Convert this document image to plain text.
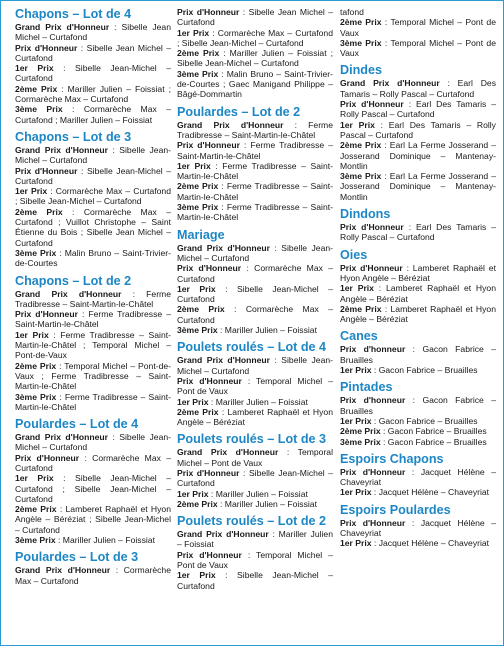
Chapons – Lot de 4

Grand Prix d'Honneur : Sibelle Jean Michel – Curtafond

Prix d'Honneur : Sibelle Jean Michel – Curtafond

1er Prix : Sibelle Jean-Michel – Curtafond

2ème Prix : Mariller Julien – Foissiat ; Cormarèche Max – Curtafond

3ème Prix : Cormarèche Max – Curtafond ; Mariller Julien – Foissiat

Chapons – Lot de 3

Grand Prix d'Honneur : Sibelle Jean-Michel – Curtafond

Prix d'Honneur : Sibelle Jean-Michel – Curtafond

1er Prix : Cormarèche Max – Curtafond ; Sibelle Jean-Michel – Curtafond

2ème Prix : Cormarèche Max – Curtafond ; Vuillot Christophe – Saint Étienne du Bois ; Sibelle Jean Michel – Curtafond

3ème Prix : Malin Bruno – Saint-Trivier-de-Courtes

Chapons – Lot de 2

Grand Prix d'Honneur : Ferme Tradibresse – Saint-Martin-le-Châtel

Prix d'Honneur : Ferme Tradibresse – Saint-Martin-le-Châtel

1er Prix : Ferme Tradibresse – Saint-Martin-le-Châtel ; Temporal Michel – Pont-de-Vaux

2ème Prix : Temporal Michel – Pont-de-Vaux ; Ferme Tradibresse – Saint-Martin-le-Châtel

3ème Prix : Ferme Tradibresse – Saint-Martin-le-Châtel

Poulardes – Lot de 4

Grand Prix d'Honneur : Sibelle Jean-Michel – Curtafond

Prix d'Honneur : Cormarèche Max – Curtafond

1er Prix : Sibelle Jean-Michel – Curtafond ; Sibelle Jean-Michel – Curtafond

2ème Prix : Lamberet Raphaël et Hyon Angèle – Béréziat ; Sibelle Jean-Michel – Curtafond

3ème Prix : Mariller Julien – Foissiat

Poulardes – Lot de 3

Grand Prix d'Honneur : Cormarèche Max – Curtafond

Prix d'Honneur : Sibelle Jean Michel – Curtafond

1er Prix : Cormarèche Max – Curtafond ; Sibelle Jean-Michel – Curtafond

2ème Prix : Mariller Julien – Foissiat ; Sibelle Jean-Michel – Curtafond

3ème Prix : Malin Bruno – Saint-Trivier-de-Courtes ; Gaec Manigand Philippe – Bâgé-Dommartin

Poulardes – Lot de 2

Grand Prix d'Honneur : Ferme Tradibresse – Saint-Martin-le-Châtel

Prix d'Honneur : Ferme Tradibresse – Saint-Martin-le-Châtel

1er Prix : Ferme Tradibresse – Saint-Martin-le-Châtel

2ème Prix : Ferme Tradibresse – Saint-Martin-le-Châtel

3ème Prix : Ferme Tradibresse – Saint-Martin-le-Châtel

Mariage

Grand Prix d'Honneur : Sibelle Jean-Michel – Curtafond

Prix d'Honneur : Cormarèche Max – Curtafond

1er Prix : Sibelle Jean-Michel – Curtafond

2ème Prix : Cormarèche Max – Curtafond

3ème Prix : Mariller Julien – Foissiat

Poulets roulés – Lot de 4

Grand Prix d'Honneur : Sibelle Jean-Michel – Curtafond

Prix d'Honneur : Temporal Michel – Pont de Vaux

1er Prix : Mariller Julien – Foissiat

2ème Prix : Lamberet Raphaël et Hyon Angèle – Béréziat

Poulets roulés – Lot de 3

Grand Prix d'Honneur : Temporal Michel – Pont de Vaux

Prix d'Honneur : Sibelle Jean-Michel – Curtafond

1er Prix : Mariller Julien – Foissiat

2ème Prix : Mariller Julien – Foissiat

Poulets roulés – Lot de 2

Grand Prix d'Honneur : Mariller Julien – Foissiat

Prix d'Honneur : Temporal Michel – Pont de Vaux

1er Prix : Sibelle Jean-Michel – Curtafond

tafond

2ème Prix : Temporal Michel – Pont de Vaux

3ème Prix : Temporal Michel – Pont de Vaux

Dindes

Grand Prix d'Honneur : Earl Des Tamaris – Rolly Pascal – Curtafond

Prix d'Honneur : Earl Des Tamaris – Rolly Pascal – Curtafond

1er Prix : Earl Des Tamaris – Rolly Pascal – Curtafond

2ème Prix : Earl La Ferme Josserand – Josserand Dominique – Mantenay-Montlin

3ème Prix : Earl La Ferme Josserand – Josserand Dominique – Mantenay-Montlin

Dindons

Prix d'Honneur : Earl Des Tamaris – Rolly Pascal – Curtafond

Oies

Prix d'Honneur : Lamberet Raphaël et Hyon Angèle – Béréziat

1er Prix : Lamberet Raphaël et Hyon Angèle – Béréziat

2ème Prix : Lamberet Raphaël et Hyon Angèle – Béréziat

Canes

Prix d'honneur : Gacon Fabrice – Bruailles

1er Prix : Gacon Fabrice – Bruailles

Pintades

Prix d'honneur : Gacon Fabrice – Bruailles

1er Prix : Gacon Fabrice – Bruailles

2ème Prix : Gacon Fabrice – Bruailles

3ème Prix : Gacon Fabrice – Bruailles

Espoirs Chapons

Prix d'Honneur : Jacquet Hélène – Chaveyriat

1er Prix : Jacquet Hélène – Chaveyriat

Espoirs Poulardes

Prix d'Honneur : Jacquet Hélène – Chaveyriat

1er Prix : Jacquet Hélène – Chaveyriat
